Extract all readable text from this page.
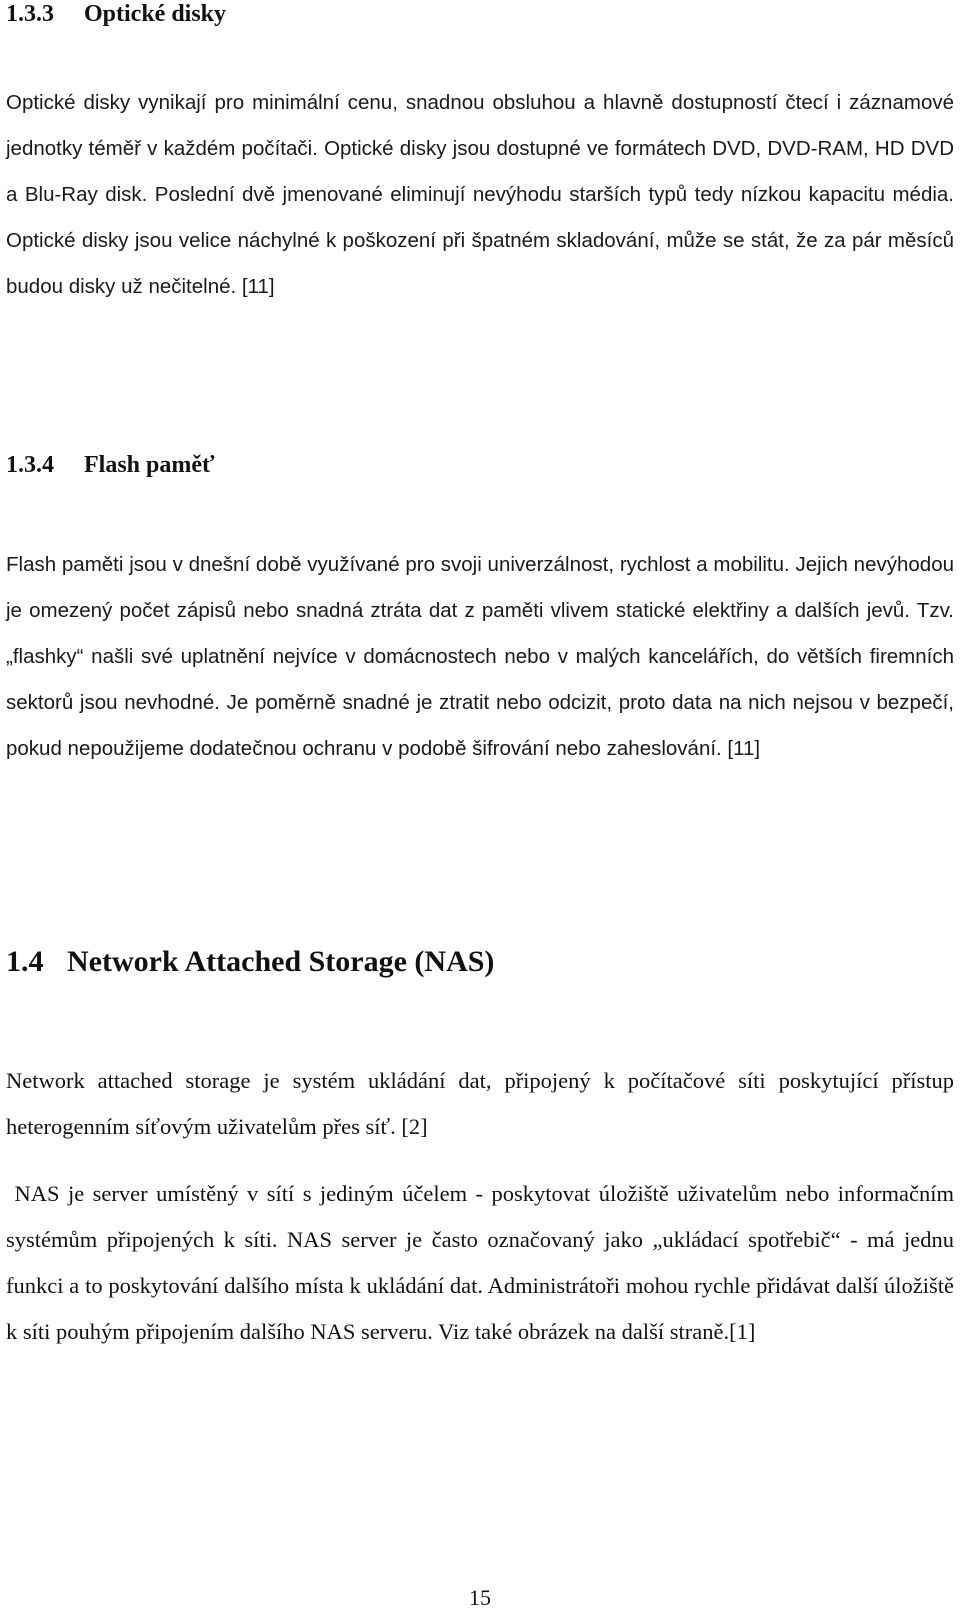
1.3.3 Optické disky

Optické disky vynikají pro minimální cenu, snadnou obsluhou a hlavně dostupností čtecí i záznamové jednotky téměř v každém počítači. Optické disky jsou dostupné ve formátech DVD, DVD-RAM, HD DVD a Blu-Ray disk. Poslední dvě jmenované eliminují nevýhodu starších typů tedy nízkou kapacitu média. Optické disky jsou velice náchylné k poškození při špatném skladování, může se stát, že za pár měsíců budou disky už nečitelné. [11]

1.3.4 Flash paměť

Flash paměti jsou v dnešní době využívané pro svoji univerzálnost, rychlost a mobilitu. Jejich nevýhodou je omezený počet zápisů nebo snadná ztráta dat z paměti vlivem statické elektřiny a dalších jevů. Tzv. „flashky“ našli své uplatnění nejvíce v domácnostech nebo v malých kancelářích, do větších firemních sektorů jsou nevhodné. Je poměrně snadné je ztratit nebo odcizit, proto data na nich nejsou v bezpečí, pokud nepoužijeme dodatečnou ochranu v podobě šifrování nebo zaheslování. [11]

1.4 Network Attached Storage (NAS)

Network attached storage je systém ukládání dat, připojený k počítačové síti poskytující přístup heterogenním síťovým uživatelům přes síť. [2]

NAS je server umístěný v sítí s jediným účelem - poskytovat úložiště uživatelům nebo informačním systémům připojených k síti. NAS server je často označovaný jako „ukládací spotřebič“ - má jednu funkci a to poskytování dalšího místa k ukládání dat. Administrátoři mohou rychle přidávat další úložiště k síti pouhým připojením dalšího NAS serveru. Viz také obrázek na další straně.[1]

15
